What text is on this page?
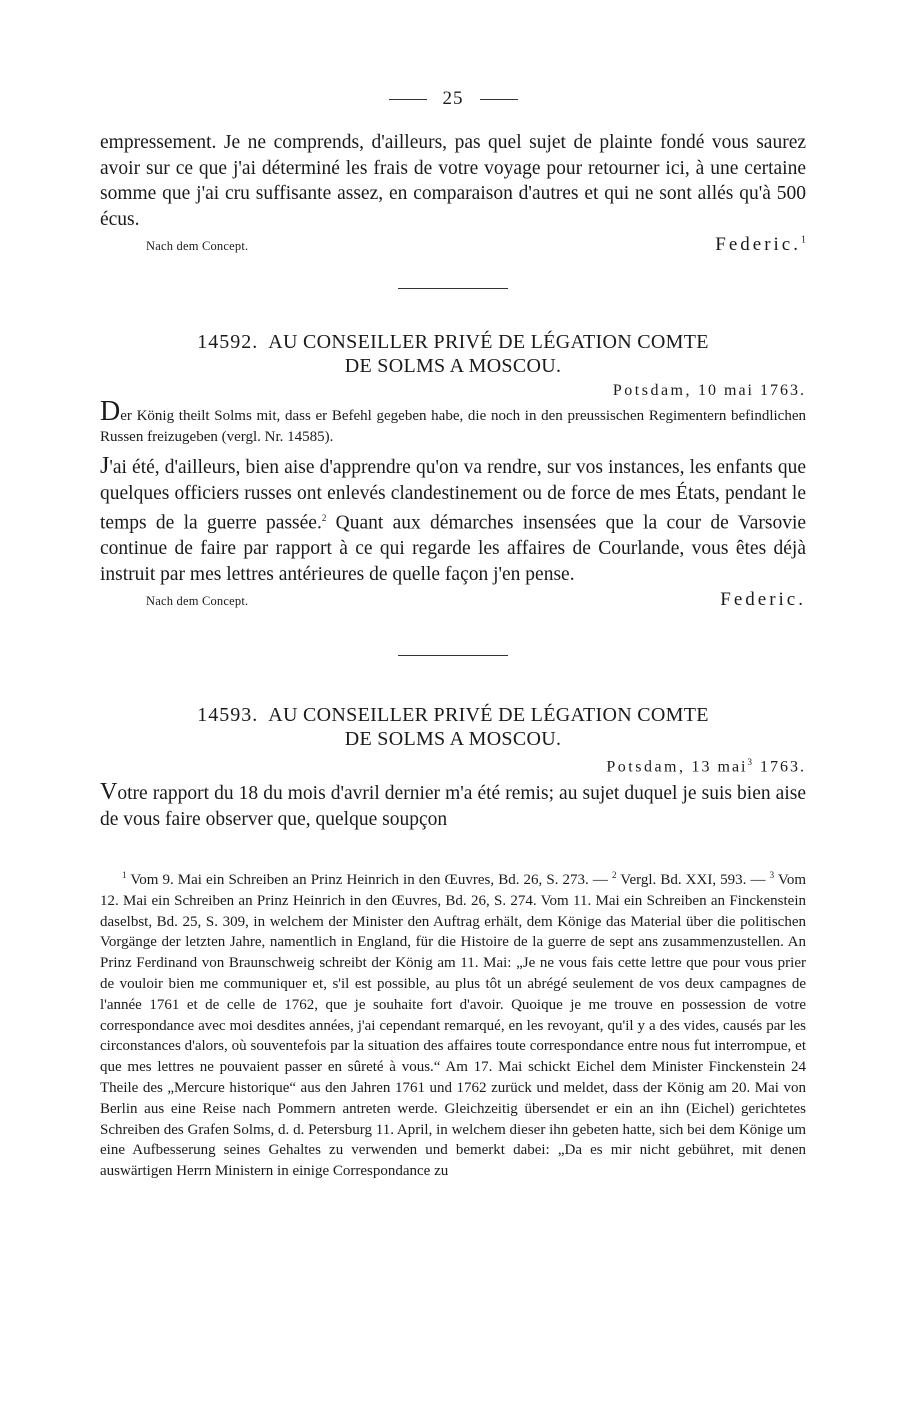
25

empressement. Je ne comprends, d'ailleurs, pas quel sujet de plainte fondé vous saurez avoir sur ce que j'ai déterminé les frais de votre voyage pour retourner ici, à une certaine somme que j'ai cru suffisante assez, en comparaison d'autres et qui ne sont allés qu'à 500 écus.

Nach dem Concept.	Federic.$^1$
14592. AU CONSEILLER PRIVÉ DE LÉGATION COMTE
DE SOLMS A MOSCOU.
Potsdam, 10 mai 1763.

Der König theilt Solms mit, dass er Befehl gegeben habe, die noch in den preussischen Regimentern befindlichen Russen freizugeben (vergl. Nr. 14585).

J'ai été, d'ailleurs, bien aise d'apprendre qu'on va rendre, sur vos instances, les enfants que quelques officiers russes ont enlevés clandestinement ou de force de mes États, pendant le temps de la guerre passée.$^2$ Quant aux démarches insensées que la cour de Varsovie continue de faire par rapport à ce qui regarde les affaires de Courlande, vous êtes déjà instruit par mes lettres antérieures de quelle façon j'en pense.

Nach dem Concept.	Federic.
14593. AU CONSEILLER PRIVÉ DE LÉGATION COMTE
DE SOLMS A MOSCOU.
Potsdam, 13 mai$^3$ 1763.

Votre rapport du 18 du mois d'avril dernier m'a été remis; au sujet duquel je suis bien aise de vous faire observer que, quelque soupçon

$^1$ Vom 9. Mai ein Schreiben an Prinz Heinrich in den Œuvres, Bd. 26, S. 273. — $^2$ Vergl. Bd. XXI, 593. — $^3$ Vom 12. Mai ein Schreiben an Prinz Heinrich in den Œuvres, Bd. 26, S. 274. Vom 11. Mai ein Schreiben an Finckenstein daselbst, Bd. 25, S. 309, in welchem der Minister den Auftrag erhält, dem Könige das Material über die politischen Vorgänge der letzten Jahre, namentlich in England, für die Histoire de la guerre de sept ans zusammenzustellen. An Prinz Ferdinand von Braunschweig schreibt der König am 11. Mai: „Je ne vous fais cette lettre que pour vous prier de vouloir bien me communiquer et, s'il est possible, au plus tôt un abrégé seulement de vos deux campagnes de l'année 1761 et de celle de 1762, que je souhaite fort d'avoir. Quoique je me trouve en possession de votre correspondance avec moi desdites années, j'ai cependant remarqué, en les revoyant, qu'il y a des vides, causés par les circonstances d'alors, où souventefois par la situation des affaires toute correspondance entre nous fut interrompue, et que mes lettres ne pouvaient passer en sûreté à vous.“ Am 17. Mai schickt Eichel dem Minister Finckenstein 24 Theile des „Mercure historique“ aus den Jahren 1761 und 1762 zurück und meldet, dass der König am 20. Mai von Berlin aus eine Reise nach Pommern antreten werde. Gleichzeitig übersendet er ein an ihn (Eichel) gerichtetes Schreiben des Grafen Solms, d. d. Petersburg 11. April, in welchem dieser ihn gebeten hatte, sich bei dem Könige um eine Aufbesserung seines Gehaltes zu verwenden und bemerkt dabei: „Da es mir nicht gebühret, mit denen auswärtigen Herrn Ministern in einige Correspondance zu
